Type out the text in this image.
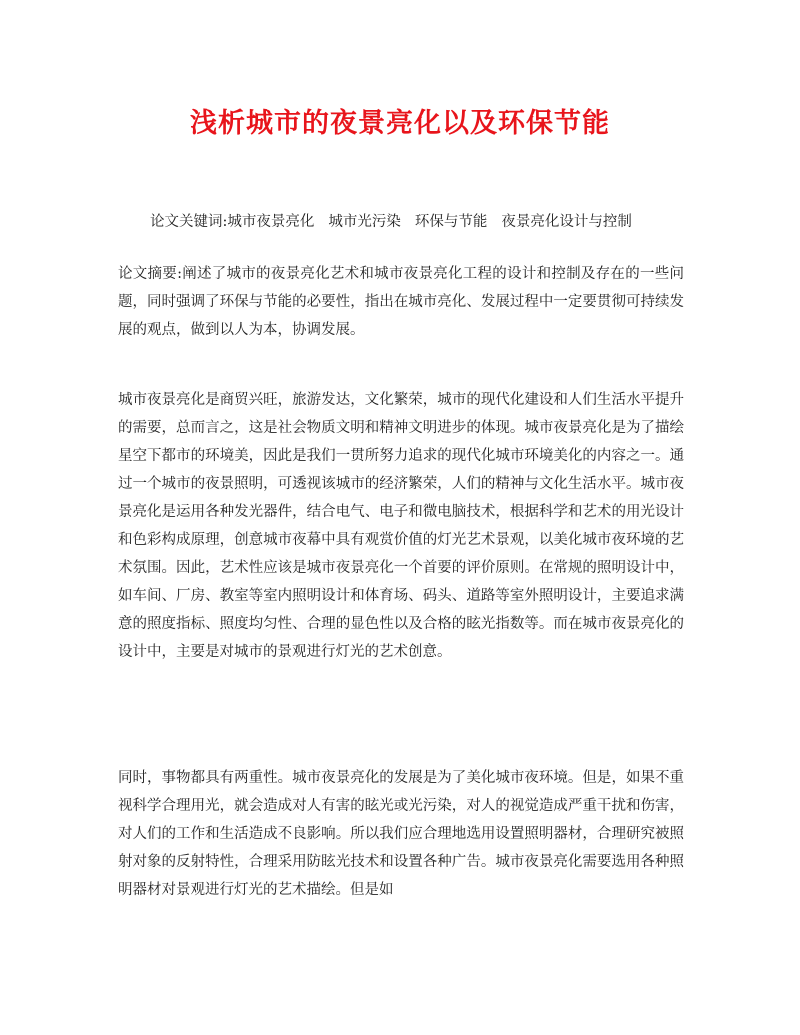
浅析城市的夜景亮化以及环保节能

论文关键词:城市夜景亮化 城市光污染 环保与节能 夜景亮化设计与控制

论文摘要:阐述了城市的夜景亮化艺术和城市夜景亮化工程的设计和控制及存在的一些问题，同时强调了环保与节能的必要性，指出在城市亮化、发展过程中一定要贯彻可持续发展的观点，做到以人为本，协调发展。

城市夜景亮化是商贸兴旺，旅游发达，文化繁荣，城市的现代化建设和人们生活水平提升的需要，总而言之，这是社会物质文明和精神文明进步的体现。城市夜景亮化是为了描绘星空下都市的环境美，因此是我们一贯所努力追求的现代化城市环境美化的内容之一。通过一个城市的夜景照明，可透视该城市的经济繁荣，人们的精神与文化生活水平。城市夜景亮化是运用各种发光器件，结合电气、电子和微电脑技术，根据科学和艺术的用光设计和色彩构成原理，创意城市夜幕中具有观赏价值的灯光艺术景观，以美化城市夜环境的艺术氛围。因此，艺术性应该是城市夜景亮化一个首要的评价原则。在常规的照明设计中，如车间、厂房、教室等室内照明设计和体育场、码头、道路等室外照明设计，主要追求满意的照度指标、照度均匀性、合理的显色性以及合格的眩光指数等。而在城市夜景亮化的设计中，主要是对城市的景观进行灯光的艺术创意。

同时，事物都具有两重性。城市夜景亮化的发展是为了美化城市夜环境。但是，如果不重视科学合理用光，就会造成对人有害的眩光或光污染，对人的视觉造成严重干扰和伤害，对人们的工作和生活造成不良影响。所以我们应合理地选用设置照明器材，合理研究被照射对象的反射特性，合理采用防眩光技术和设置各种广告。城市夜景亮化需要选用各种照明器材对景观进行灯光的艺术描绘。但是如
